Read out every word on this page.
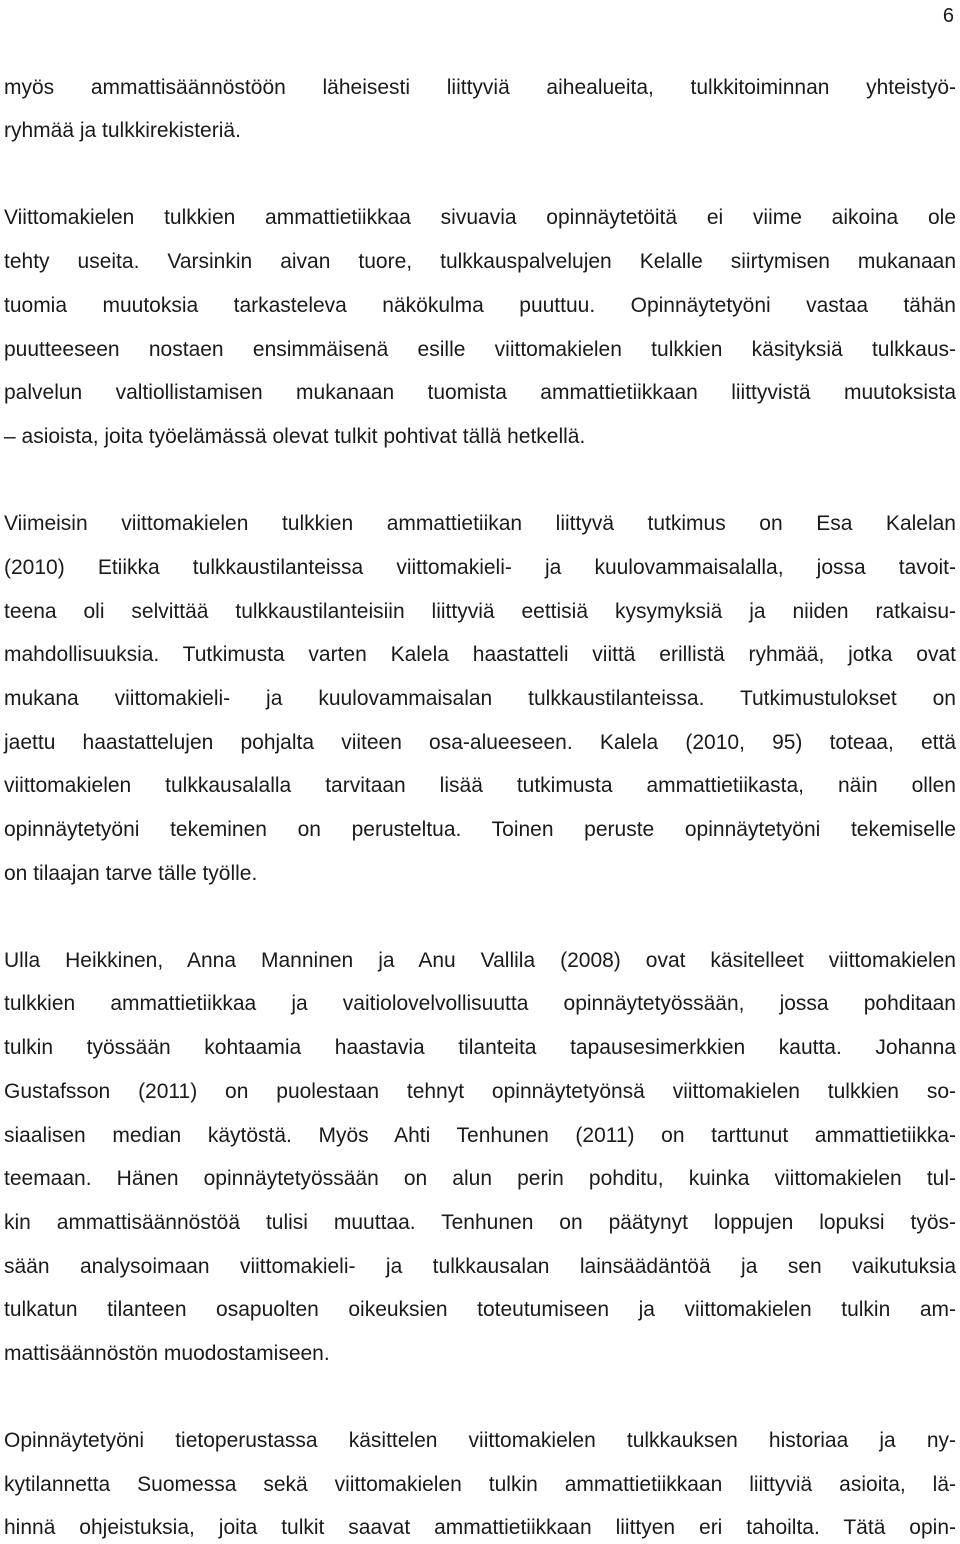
6
myös ammattisäännöstöön läheisesti liittyviä aihealueita, tulkkitoiminnan yhteistyö-
ryhmää ja tulkkirekisteriä.
Viittomakielen tulkkien ammattietiikkaa sivuavia opinnäytetöitä ei viime aikoina ole
tehty useita. Varsinkin aivan tuore, tulkkauspalvelujen Kelalle siirtymisen mukanaan
tuomia muutoksia tarkasteleva näkökulma puuttuu. Opinnäytetyöni vastaa tähän
puutteeseen nostaen ensimmäisenä esille viittomakielen tulkkien käsityksiä tulkkaus-
palvelun valtiollistamisen mukanaan tuomista ammattietiikkaan liittyvistä muutoksista
– asioista, joita työelämässä olevat tulkit pohtivat tällä hetkellä.
Viimeisin viittomakielen tulkkien ammattietiikan liittyvä tutkimus on Esa Kalelan
(2010) Etiikka tulkkaustilanteissa viittomakieli- ja kuulovammaisalalla, jossa tavoit-
teena oli selvittää tulkkaustilanteisiin liittyviä eettisiä kysymyksiä ja niiden ratkaisu-
mahdollisuuksia. Tutkimusta varten Kalela haastatteli viittä erillistä ryhmää, jotka ovat
mukana viittomakieli- ja kuulovammaisalan tulkkaustilanteissa. Tutkimustulokset on
jaettu haastattelujen pohjalta viiteen osa-alueeseen. Kalela (2010, 95) toteaa, että
viittomakielen tulkkausalalla tarvitaan lisää tutkimusta ammattietiikasta, näin ollen
opinnäytetyöni tekeminen on perusteltua. Toinen peruste opinnäytetyöni tekemiselle
on tilaajan tarve tälle työlle.
Ulla Heikkinen, Anna Manninen ja Anu Vallila (2008) ovat käsitelleet viittomakielen
tulkkien ammattietiikkaa ja vaitiolovelvollisuutta opinnäytetyössään, jossa pohditaan
tulkin työssään kohtaamia haastavia tilanteita tapausesimerkkien kautta. Johanna
Gustafsson (2011) on puolestaan tehnyt opinnäytetyönsä viittomakielen tulkkien so-
siaalisen median käytöstä. Myös Ahti Tenhunen (2011) on tarttunut ammattietiikka-
teemaan. Hänen opinnäytetyössään on alun perin pohditu, kuinka viittomakielen tul-
kin ammattisäännöstöä tulisi muuttaa. Tenhunen on päätynyt loppujen lopuksi työs-
sään analysoimaan viittomakieli- ja tulkkausalan lainsäädäntöä ja sen vaikutuksia
tulkatun tilanteen osapuolten oikeuksien toteutumiseen ja viittomakielen tulkin am-
mattisäännöstön muodostamiseen.
Opinnäytetyöni tietoperustassa käsittelen viittomakielen tulkkauksen historiaa ja ny-
kytilannetta Suomessa sekä viittomakielen tulkin ammattietiikkaan liittyviä asioita, lä-
hinnä ohjeistuksia, joita tulkit saavat ammattietiikkaan liittyen eri tahoilta. Tätä opin-
